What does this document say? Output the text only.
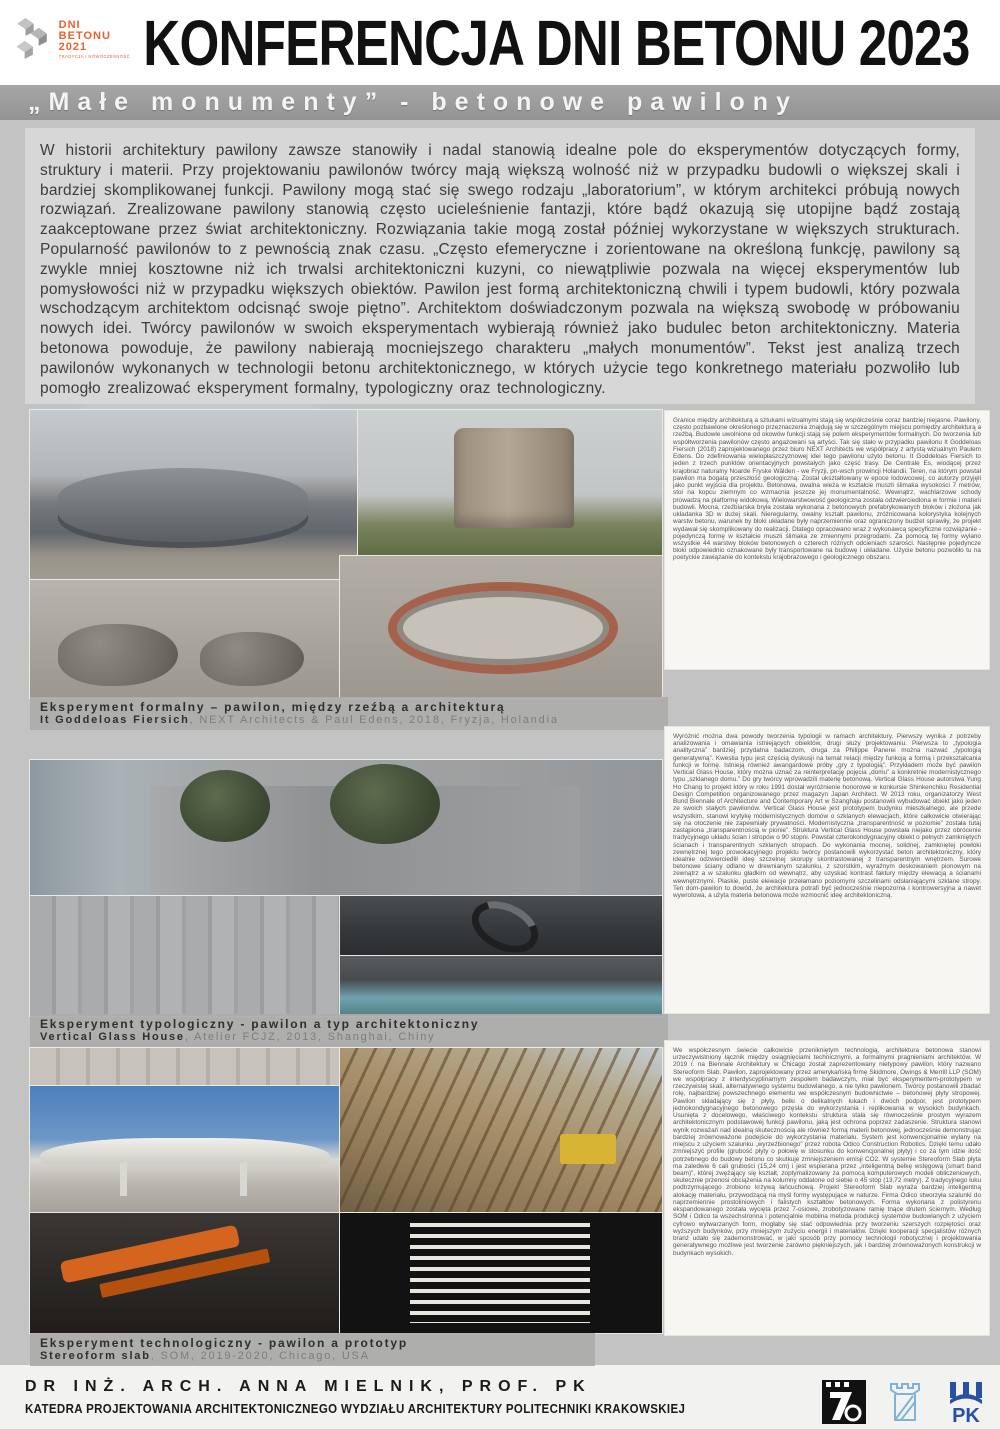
DNI
BETONU
2021
TRADYCJA I NOWOCZESNOŚĆ KONFERENCJA DNI BETONU 2023
„Małe monumenty” - betonowe pawilony

W historii architektury pawilony zawsze stanowiły i nadal stanowią idealne pole do eksperymentów dotyczących formy, struktury i materii. Przy projektowaniu pawilonów twórcy mają większą wolność niż w przypadku budowli o większej skali i bardziej skomplikowanej funkcji. Pawilony mogą stać się swego rodzaju „laboratorium”, w którym architekci próbują nowych rozwiązań. Zrealizowane pawilony stanowią często ucieleśnienie fantazji, które bądź okazują się utopijne bądź zostają zaakceptowane przez świat architektoniczny. Rozwiązania takie mogą został później wykorzystane w większych strukturach. Popularność pawilonów to z pewnością znak czasu. „Często efemeryczne i zorientowane na określoną funkcję, pawilony są zwykle mniej kosztowne niż ich trwalsi architektoniczni kuzyni, co niewątpliwie pozwala na więcej eksperymentów lub pomysłowości niż w przypadku większych obiektów. Pawilon jest formą architektoniczną chwili i typem budowli, który pozwala wschodzącym architektom odcisnąć swoje piętno”. Architektom doświadczonym pozwala na większą swobodę w próbowaniu nowych idei. Twórcy pawilonów w swoich eksperymentach wybierają również jako budulec beton architektoniczny. Materia betonowa powoduje, że pawilony nabierają mocniejszego charakteru „małych monumentów”. Tekst jest analizą trzech pawilonów wykonanych w technologii betonu architektonicznego, w których użycie tego konkretnego materiału pozwoliło lub pomogło zrealizować eksperyment formalny, typologiczny oraz technologiczny.

Granice między architekturą a sztukami wizualnymi stają się współcześnie coraz bardziej niejasne. Pawilony, często pozbawione określonego przeznaczenia znajdują się w szczególnym miejscu pomiędzy architekturą a rzeźbą. Budowle uwolnione od okowów funkcji stają się polem eksperymentów formalnych. Do tworzenia lub współtworzenia pawilonów często angażowani są artyści. Tak się stało w przypadku pawilonu It Goddeloas Fiersich (2018) zaprojektowanego przez biuro NEXT Architects we współpracy z artystą wizualnym Paulem Edens. Do zdefiniowania wielopłaszczyznowej idei tego pawilonu użyto betonu. It Goddeloas Fiersich to jeden z trzech punktów orientacyjnych powstałych jako część trasy. De Centrale Es, wiodącej przez krajobraz naturalny Noarde Fryske Wâlden - we Fryzji, pn-wsch prowincji Holandii. Teren, na którym powstał pawilon ma bogatą przeszłość geologiczną. Został ukształtowany w epoce lodowcowej, co autorzy przyjęli jako punkt wyjścia dla projektu. Betonowa, owalna wieża w kształcie muszli ślimaka wysokości 7 metrów, stoi na kopcu ziemnym co wzmacnia jeszcze jej monumentalność. Wewnątrz, wachlarzowe schody prowadzą na platformę widokową. Wielowarstwowość geologiczna została odzwierciedlona w formie i materii budowli. Mocna, rzeźbiarska bryła została wykonana z betonowych prefabrykowanych bloków i złożona jak układanka 3D w dużej skali. Nieregularny, owalny kształt pawilonu, zróżnicowana kolorystyka kolejnych warstw betonu, warunek by bloki układane były naprzemiennie oraz ograniczony budżet sprawiły, że projekt wydawał się skomplikowany do realizacji. Dlatego opracowano wraz z wykonawcą specyficzne rozwiązanie - pojedynczą formę w kształcie muszli ślimaka ze zmiennymi przegrodami. Za pomocą tej formy wylano wszystkie 44 warstwy bloków betonowych o czterech różnych odcieniach szarości. Następnie pojedyncze bloki odpowiednio oznakowane były transportowane na budowę i układane. Użycie betonu pozwoliło tu na poetyckie zawiązanie do kontekstu krajobrazowego i geologicznego obszaru.
Eksperyment formalny – pawilon, między rzeźbą a architekturą
It Goddeloas Fiersich, NEXT Architects & Paul Edens, 2018, Fryzja, Holandia
Wyróżnić można dwa powody tworzenia typologii w ramach architektury. Pierwszy wynika z potrzeby analizowania i omawiania istniejących obiektów, drugi służy projektowaniu. Pierwsza to „typologia analityczna” bardziej przydatna badaczom, druga za Philippe Panerei można nazwać „typologią generatywną”. Kwestia typu jest częścią dyskusji na temat relacji między funkcją a formą i przekształcania funkcji w formę. Istnieją również awangardowe próby „gry z typologią”. Przykładem może być pawilon Vertical Glass House, który można uznać za reinterpretację pojęcia „domu” a konkretnie modernistycznego typu „szklanego domu.” Do gry twórcy wprowadzili materię betonową. Vertical Glass House autorstwa Yung Ho Chang to projekt który w roku 1991 dostał wyróżnienie honorowe w konkursie Shinkenchiku Residential Design Competition organizowanego przez magazyn Japan Architect. W 2013 roku, organizatorzy West Bund Biennale of Architecture and Contemporary Art w Szanghaju postanowili wybudować obiekt jako jeden ze swoich stałych pawilonów. Vertical Glass House jest prototypem budynku mieszkalnego, ale przede wszystkim, stanowi krytykę modernistycznych domów o szklanych elewacjach, które całkowicie otwierając się na otoczenie nie zapewniały prywatności. Modernistyczna „transparentność w poziomie” została tutaj zastąpiona „transparentnością w pionie”. Struktura Vertical Glass House powstała niejako przez obrócenie tradycyjnego układu ścian i stropów o 90 stopni. Powstał czterokondygnacyjny obiekt o pełnych zamkniętych ścianach i transparentnych szklanych stropach. Do wykonania mocnej, solidnej, zamkniętej powłoki zewnętrznej tego prowokacyjnego projektu twórcy postanowili wykorzystać beton architektoniczny, który idealnie odzwierciedlił ideę szczelnej skorupy skontrastowanej z transparentnym wnętrzem. Surowe betonowe ściany odlano w drewnianym szalunku, z szorstkim, wyraźnym deskowaniem pionowym na zewnątrz a w szalunku gładkim od wewnątrz, aby uzyskać kontrast faktury między elewacją a ścianami wewnętrznymi. Płaskie, puste elewacje przełamano poziomymi szczelinami odsłaniającymi szklane stropy. Ten dom-pawilon to dowód, że architektura potrafi być jednocześnie niepozorna i kontrowersyjna a nawet wywrotowa, a użyta materia betonowa może wzmocnić ideę architektoniczną.
Eksperyment typologiczny - pawilon a typ architektoniczny
Vertical Glass House, Atelier FCJZ, 2013, Shanghai, Chiny
We współczesnym świecie całkowicie przenikniętym technologią, architektura betonowa stanowi urzeczywistniony łącznik między osiągnięciami technicznymi, a formalnymi pragnieniami architektów. W 2019 r. na Biennale Architektury w Chicago został zaprezentowany nietypowy pawilon, który nazwano Stereoform Slab. Pawilon, zaprojektowany przez amerykańską firmę Skidmore, Owings & Merrill LLP (SOM) we współpracy z interdyscyplinarnym zespołem badawczym, miał być eksperymentem-prototypem w rzeczywistej skali, alternatywnego systemu budowlanego, a nie tylko pawilonem. Twórcy postanowili zbadać rolę, najbardziej powszechnego elementu we współczesnym budownictwie – betonowej płyty stropowej. Pawilon składający się z płyty, belki o delikatnych łukach i dwóch podpor, jest prototypem jednokondygnacyjnego betonowego przęsła do wykorzystania i replikowania w wysokich budynkach. Usunięta z docelowego, właściwego kontekstu struktura stała się równocześnie prostym wyrazem architektonicznym podstawowej funkcji pawilonu, jaką jest ochrona poprzez zadaszenie. Struktura stanowi wynik rozważań nad idealną skutecznością ale również formą materii betonowej, jednocześnie demonstrując bardziej zrównoważone podejście do wykorzystania materiału. System jest konwencjonalnie wylany na miejscu z użyciem szalunku „wyrzeźbionego” przez robota Odico Construction Robotics. Dzięki temu udało zmniejszyć profile (grubość płyty o połowę w stosunku do konwencjonalnej płyty) i co za tym idzie ilość potrzebnego do budowy betonu co skutkuje zmniejszeniem emisji CO2. W systemie Stereoform Slab płyta ma zaledwie 6 cali grubości (15,24 cm) i jest wspierana przez „inteligentną belkę wstęgową (smart band beam)”, której zwężający się kształt, zoptymalizowany za pomocą komputerowych modeli obliczeniowych, skutecznie przenosi obciążenia na kolumny oddalone od siebie o 45 stóp (13,72 metry). Z tradycyjnego łuku podtrzymującego zrobiono krzywą łańcuchową. Projekt Stereoform Slab wyraża bardziej inteligentną alokację materiału, przywodzącą na myśl formy występujące w naturze. Firma Odico stworzyła szalunki do naprzemiennie prostoliniowych i falistych kształtów betonowych. Forma wykonana z polistyrenu ekspandowanego została wycięta przez 7-osiowe, zrobotyzowane ramię tnące drutem ściernym. Według SOM i Odico ta wszechstronna i potencjalnie mobilna metoda produkcji systemów budowlanych z użyciem cyfrowo wytwarzanych form, mogłaby się stać odpowiednia przy tworzeniu szerszych rozpiętości oraz wyższych budynków, przy mniejszym zużyciu energii i materiałów. Dzięki kooperacji specjalistów różnych branż udało się zademonstrować, w jaki sposób przy pomocy technologii robotycznej i projektowania generatywnego możliwe jest tworzenie zarówno piękniejszych, jak i bardziej zrównoważonych konstrukcji w budynkach wysokich.
Eksperyment technologiczny - pawilon a prototyp
Stereoform slab, SOM, 2019-2020, Chicago, USA
DR INŻ. ARCH. ANNA MIELNIK, PROF. PK
KATEDRA PROJEKTOWANIA ARCHITEKTONICZNEGO WYDZIAŁU ARCHITEKTURY POLITECHNIKI KRAKOWSKIEJ	PK
